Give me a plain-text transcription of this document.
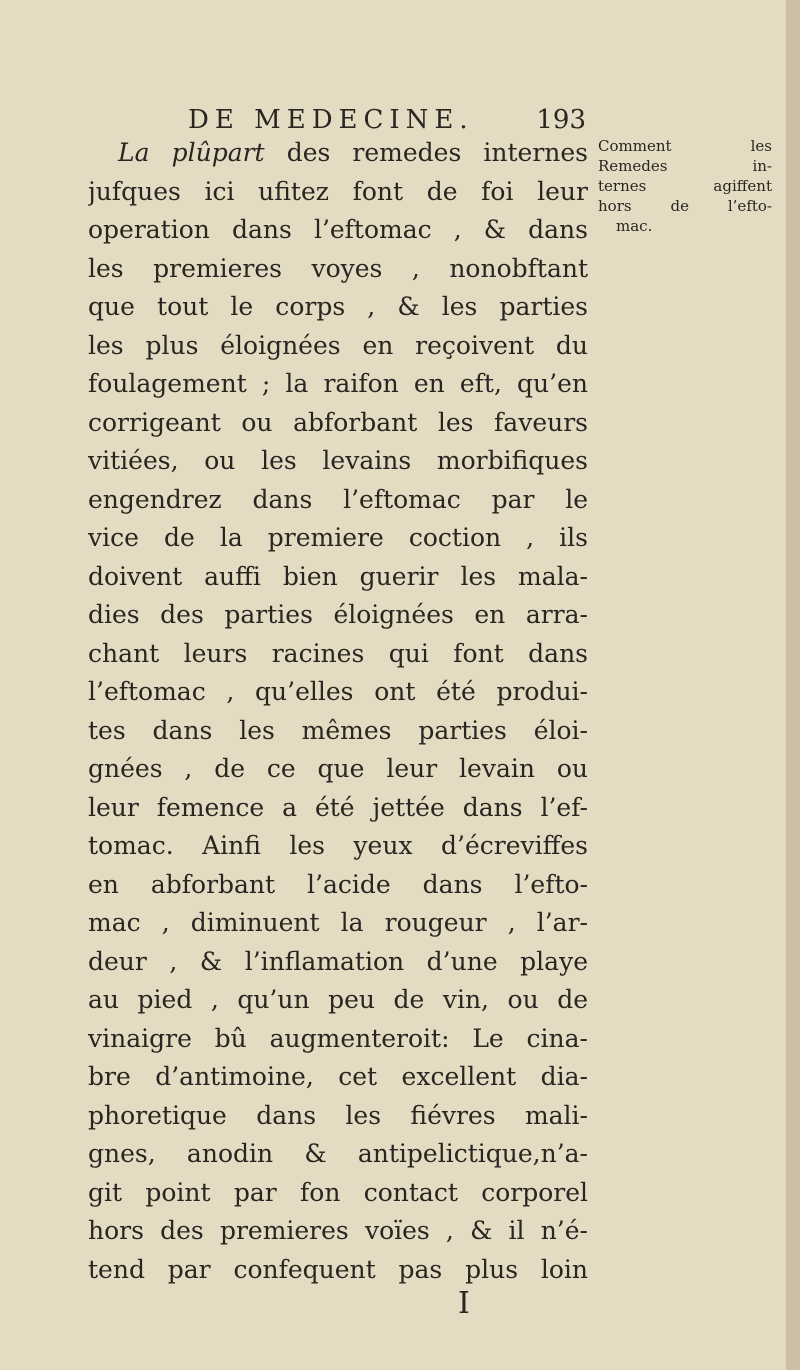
DE MEDECINE. 193
La plûpart des remedes internes
jufques ici ufitez font de foi leur
operation dans l’eftomac , & dans
les premieres voyes , nonobftant
que tout le corps , & les parties
les plus éloignées en reçoivent du
foulagement ; la raifon en eft, qu’en
corrigeant ou abforbant les faveurs
vitiées, ou les levains morbifiques
engendrez dans l’eftomac par le
vice de la premiere coction , ils
doivent auffi bien guerir les mala-
dies des parties éloignées en arra-
chant leurs racines qui font dans
l’eftomac , qu’elles ont été produi-
tes dans les mêmes parties éloi-
gnées , de ce que leur levain ou
leur femence a été jettée dans l’ef-
tomac. Ainfi les yeux d’écreviffes
en abforbant l’acide dans l’efto-
mac , diminuent la rougeur , l’ar-
deur , & l’inflamation d’une playe
au pied , qu’un peu de vin, ou de
vinaigre bû augmenteroit: Le cina-
bre d’antimoine, cet excellent dia-
phoretique dans les fiévres mali-
gnes, anodin & antipelictique,n’a-
git point par fon contact corporel
hors des premieres voïes , & il n’é-
tend par confequent pas plus loin
Comment les
Remedes in-
ternes agiffent
hors de l’efto-
mac.
I
